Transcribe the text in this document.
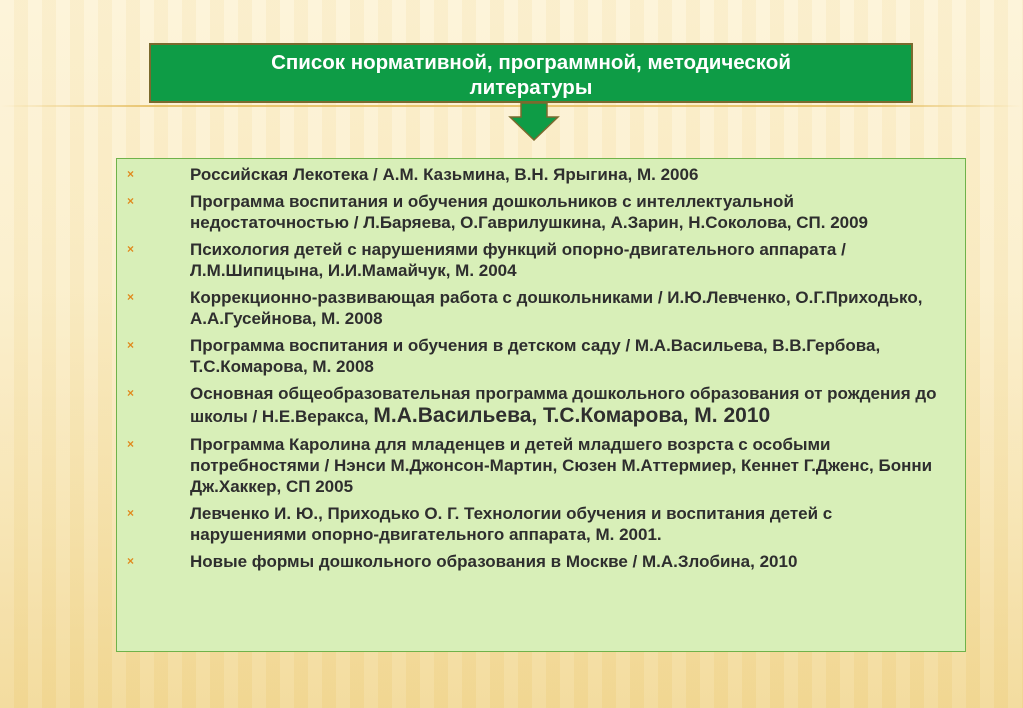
Список нормативной, программной, методической
литературы
×	Российская Лекотека / А.М. Казьмина, В.Н. Ярыгина, М. 2006
×	Программа воспитания и обучения дошкольников с интеллектуальной недостаточностью / Л.Баряева, О.Гаврилушкина, А.Зарин, Н.Соколова, СП. 2009
×	Психология детей с нарушениями функций опорно-двигательного аппарата / Л.М.Шипицына, И.И.Мамайчук, М. 2004
×	Коррекционно-развивающая работа с дошкольниками / И.Ю.Левченко, О.Г.Приходько, А.А.Гусейнова, М. 2008
×	Программа воспитания и обучения в детском саду / М.А.Васильева, В.В.Гербова, Т.С.Комарова, М. 2008
×	Основная общеобразовательная программа дошкольного образования от рождения до школы / Н.Е.Веракса, М.А.Васильева, Т.С.Комарова, М. 2010
×	Программа Каролина для младенцев и детей младшего возрста с особыми потребностями / Нэнси М.Джонсон-Мартин, Сюзен М.Аттермиер, Кеннет Г.Дженс, Бонни Дж.Хаккер, СП 2005
×	Левченко И. Ю., Приходько О. Г. Технологии обучения и воспитания детей с нарушениями опорно-двигательного аппарата, М. 2001.
×	Новые формы дошкольного образования в Москве / М.А.Злобина, 2010
